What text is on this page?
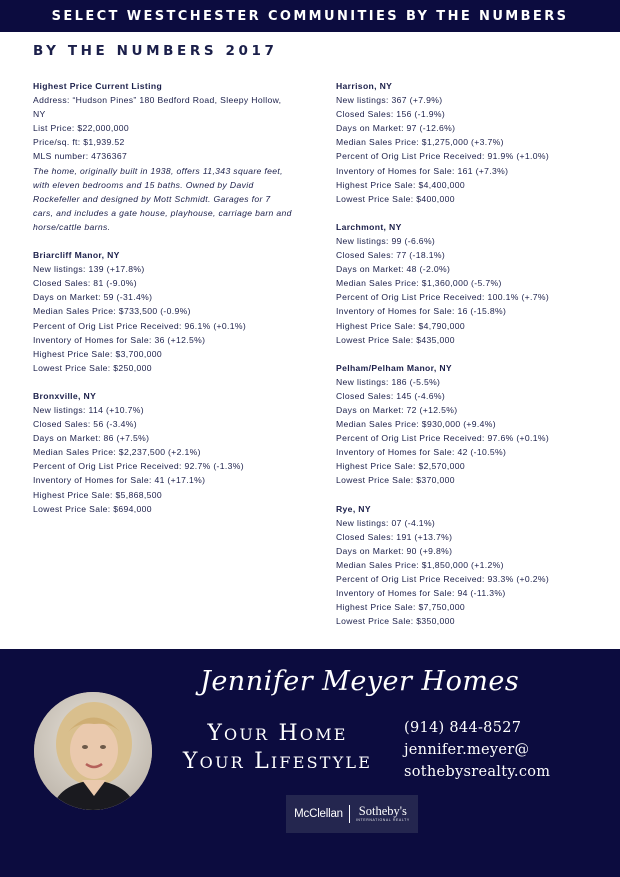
SELECT WESTCHESTER COMMUNITIES BY THE NUMBERS
BY THE NUMBERS 2017
Highest Price Current Listing
Address: “Hudson Pines” 180 Bedford Road, Sleepy Hollow, NY
List Price: $22,000,000
Price/sq. ft: $1,939.52
MLS number: 4736367
The home, originally built in 1938, offers 11,343 square feet, with eleven bedrooms and 15 baths. Owned by David Rockefeller and designed by Mott Schmidt. Garages for 7 cars, and includes a gate house, playhouse, carriage barn and horse/cattle barns.
Briarcliff Manor, NY
New listings: 139 (+17.8%)
Closed Sales: 81 (-9.0%)
Days on Market: 59 (-31.4%)
Median Sales Price: $733,500 (-0.9%)
Percent of Orig List Price Received: 96.1% (+0.1%)
Inventory of Homes for Sale: 36 (+12.5%)
Highest Price Sale: $3,700,000
Lowest Price Sale: $250,000
Bronxville, NY
New listings: 114 (+10.7%)
Closed Sales: 56 (-3.4%)
Days on Market: 86 (+7.5%)
Median Sales Price: $2,237,500 (+2.1%)
Percent of Orig List Price Received: 92.7% (-1.3%)
Inventory of Homes for Sale: 41 (+17.1%)
Highest Price Sale: $5,868,500
Lowest Price Sale: $694,000
Harrison, NY
New listings: 367 (+7.9%)
Closed Sales: 156 (-1.9%)
Days on Market: 97 (-12.6%)
Median Sales Price: $1,275,000 (+3.7%)
Percent of Orig List Price Received: 91.9% (+1.0%)
Inventory of Homes for Sale: 161 (+7.3%)
Highest Price Sale: $4,400,000
Lowest Price Sale: $400,000
Larchmont, NY
New listings: 99 (-6.6%)
Closed Sales: 77 (-18.1%)
Days on Market: 48 (-2.0%)
Median Sales Price: $1,360,000 (-5.7%)
Percent of Orig List Price Received: 100.1% (+.7%)
Inventory of Homes for Sale: 16 (-15.8%)
Highest Price Sale: $4,790,000
Lowest Price Sale: $435,000
Pelham/Pelham Manor, NY
New listings: 186 (-5.5%)
Closed Sales: 145 (-4.6%)
Days on Market: 72 (+12.5%)
Median Sales Price: $930,000 (+9.4%)
Percent of Orig List Price Received: 97.6% (+0.1%)
Inventory of Homes for Sale: 42 (-10.5%)
Highest Price Sale: $2,570,000
Lowest Price Sale: $370,000
Rye, NY
New listings: 07 (-4.1%)
Closed Sales: 191 (+13.7%)
Days on Market: 90 (+9.8%)
Median Sales Price: $1,850,000 (+1.2%)
Percent of Orig List Price Received: 93.3% (+0.2%)
Inventory of Homes for Sale: 94 (-11.3%)
Highest Price Sale: $7,750,000
Lowest Price Sale: $350,000
Jennifer Meyer Homes
YOUR HOME
YOUR LIFESTYLE
(914) 844-8527
jennifer.meyer@
sothebysrealty.com
McClellan Sotheby's
INTERNATIONAL REALTY
